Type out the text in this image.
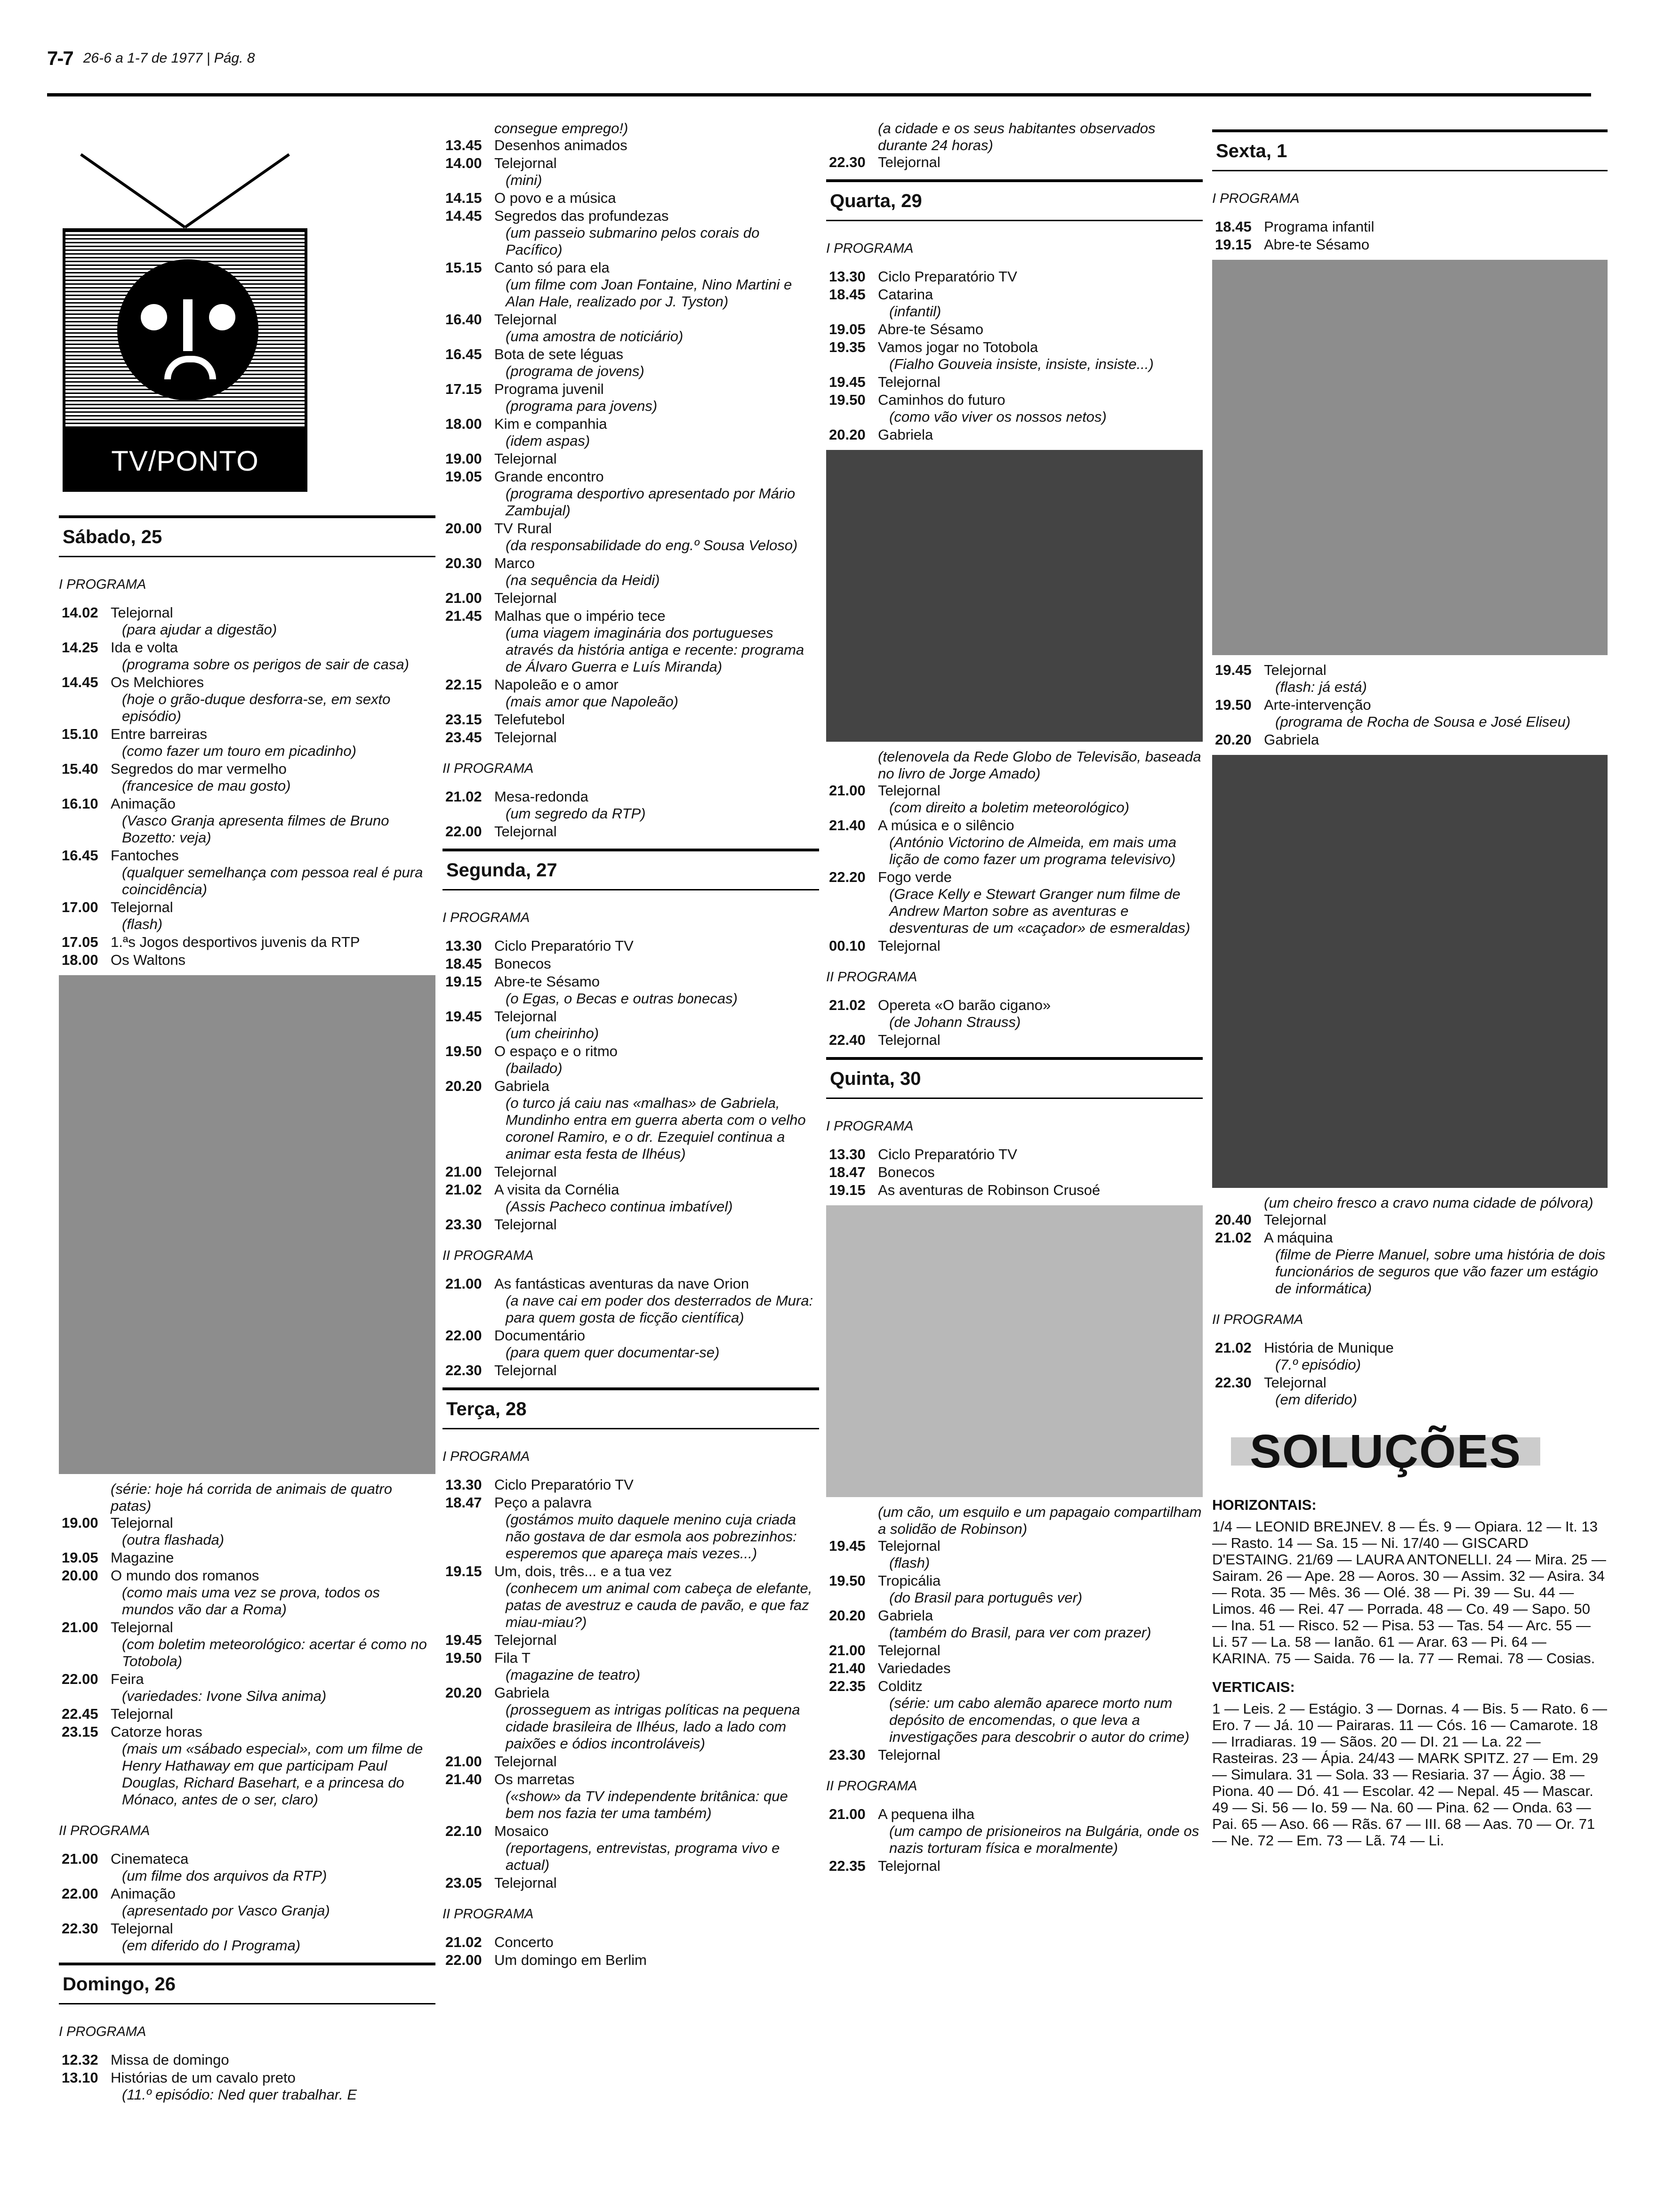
7-7 26-6 a 1-7 de 1977 | Pág. 8
TV/PONTO
Sábado, 25
I PROGRAMA
14.02 Telejornal
(para ajudar a digestão)
14.25 Ida e volta
(programa sobre os perigos de sair de casa)
14.45 Os Melchiores
(hoje o grão-duque desforra-se, em sexto episódio)
15.10 Entre barreiras
(como fazer um touro em picadinho)
15.40 Segredos do mar vermelho
(francesice de mau gosto)
16.10 Animação
(Vasco Granja apresenta filmes de Bruno Bozetto: veja)
16.45 Fantoches
(qualquer semelhança com pessoa real é pura coincidência)
17.00 Telejornal
(flash)
17.05 1.ªs Jogos desportivos juvenis da RTP
18.00 Os Waltons
(série: hoje há corrida de animais de quatro patas)
19.00 Telejornal
(outra flashada)
19.05 Magazine
20.00 O mundo dos romanos
(como mais uma vez se prova, todos os mundos vão dar a Roma)
21.00 Telejornal
(com boletim meteorológico: acertar é como no Totobola)
22.00 Feira
(variedades: Ivone Silva anima)
22.45 Telejornal
23.15 Catorze horas
(mais um «sábado especial», com um filme de Henry Hathaway em que participam Paul Douglas, Richard Basehart, e a princesa do Mónaco, antes de o ser, claro)
II PROGRAMA
21.00 Cinemateca
(um filme dos arquivos da RTP)
22.00 Animação
(apresentado por Vasco Granja)
22.30 Telejornal
(em diferido do I Programa)
Domingo, 26
I PROGRAMA
12.32 Missa de domingo
13.10 Histórias de um cavalo preto
(11.º episódio: Ned quer trabalhar. E
consegue emprego!)
13.45 Desenhos animados
14.00 Telejornal
(mini)
14.15 O povo e a música
14.45 Segredos das profundezas
(um passeio submarino pelos corais do Pacífico)
15.15 Canto só para ela
(um filme com Joan Fontaine, Nino Martini e Alan Hale, realizado por J. Tyston)
16.40 Telejornal
(uma amostra de noticiário)
16.45 Bota de sete léguas
(programa de jovens)
17.15 Programa juvenil
(programa para jovens)
18.00 Kim e companhia
(idem aspas)
19.00 Telejornal
19.05 Grande encontro
(programa desportivo apresentado por Mário Zambujal)
20.00 TV Rural
(da responsabilidade do eng.º Sousa Veloso)
20.30 Marco
(na sequência da Heidi)
21.00 Telejornal
21.45 Malhas que o império tece
(uma viagem imaginária dos portugueses através da história antiga e recente: programa de Álvaro Guerra e Luís Miranda)
22.15 Napoleão e o amor
(mais amor que Napoleão)
23.15 Telefutebol
23.45 Telejornal
II PROGRAMA
21.02 Mesa-redonda
(um segredo da RTP)
22.00 Telejornal
Segunda, 27
I PROGRAMA
13.30 Ciclo Preparatório TV
18.45 Bonecos
19.15 Abre-te Sésamo
(o Egas, o Becas e outras bonecas)
19.45 Telejornal
(um cheirinho)
19.50 O espaço e o ritmo
(bailado)
20.20 Gabriela
(o turco já caiu nas «malhas» de Gabriela, Mundinho entra em guerra aberta com o velho coronel Ramiro, e o dr. Ezequiel continua a animar esta festa de Ilhéus)
21.00 Telejornal
21.02 A visita da Cornélia
(Assis Pacheco continua imbatível)
23.30 Telejornal
II PROGRAMA
21.00 As fantásticas aventuras da nave Orion
(a nave cai em poder dos desterrados de Mura: para quem gosta de ficção científica)
22.00 Documentário
(para quem quer documentar-se)
22.30 Telejornal
Terça, 28
I PROGRAMA
13.30 Ciclo Preparatório TV
18.47 Peço a palavra
(gostámos muito daquele menino cuja criada não gostava de dar esmola aos pobrezinhos: esperemos que apareça mais vezes...)
19.15 Um, dois, três... e a tua vez
(conhecem um animal com cabeça de elefante, patas de avestruz e cauda de pavão, e que faz miau-miau?)
19.45 Telejornal
19.50 Fila T
(magazine de teatro)
20.20 Gabriela
(prosseguem as intrigas políticas na pequena cidade brasileira de Ilhéus, lado a lado com paixões e ódios incontroláveis)
21.00 Telejornal
21.40 Os marretas
(«show» da TV independente britânica: que bem nos fazia ter uma também)
22.10 Mosaico
(reportagens, entrevistas, programa vivo e actual)
23.05 Telejornal
II PROGRAMA
21.02 Concerto
22.00 Um domingo em Berlim
(a cidade e os seus habitantes observados durante 24 horas)
22.30 Telejornal
Quarta, 29
I PROGRAMA
13.30 Ciclo Preparatório TV
18.45 Catarina
(infantil)
19.05 Abre-te Sésamo
19.35 Vamos jogar no Totobola
(Fialho Gouveia insiste, insiste, insiste...)
19.45 Telejornal
19.50 Caminhos do futuro
(como vão viver os nossos netos)
20.20 Gabriela
(telenovela da Rede Globo de Televisão, baseada no livro de Jorge Amado)
21.00 Telejornal
(com direito a boletim meteorológico)
21.40 A música e o silêncio
(António Victorino de Almeida, em mais uma lição de como fazer um programa televisivo)
22.20 Fogo verde
(Grace Kelly e Stewart Granger num filme de Andrew Marton sobre as aventuras e desventuras de um «caçador» de esmeraldas)
00.10 Telejornal
II PROGRAMA
21.02 Opereta «O barão cigano»
(de Johann Strauss)
22.40 Telejornal
Quinta, 30
I PROGRAMA
13.30 Ciclo Preparatório TV
18.47 Bonecos
19.15 As aventuras de Robinson Crusoé
(um cão, um esquilo e um papagaio compartilham a solidão de Robinson)
19.45 Telejornal
(flash)
19.50 Tropicália
(do Brasil para português ver)
20.20 Gabriela
(também do Brasil, para ver com prazer)
21.00 Telejornal
21.40 Variedades
22.35 Colditz
(série: um cabo alemão aparece morto num depósito de encomendas, o que leva a investigações para descobrir o autor do crime)
23.30 Telejornal
II PROGRAMA
21.00 A pequena ilha
(um campo de prisioneiros na Bulgária, onde os nazis torturam física e moralmente)
22.35 Telejornal
Sexta, 1
I PROGRAMA
18.45 Programa infantil
19.15 Abre-te Sésamo
19.45 Telejornal
(flash: já está)
19.50 Arte-intervenção
(programa de Rocha de Sousa e José Eliseu)
20.20 Gabriela
(um cheiro fresco a cravo numa cidade de pólvora)
20.40 Telejornal
21.02 A máquina
(filme de Pierre Manuel, sobre uma história de dois funcionários de seguros que vão fazer um estágio de informática)
II PROGRAMA
21.02 História de Munique
(7.º episódio)
22.30 Telejornal
(em diferido)
SOLUÇÕES
HORIZONTAIS:
1/4 — LEONID BREJNEV. 8 — És. 9 — Opiara. 12 — It. 13 — Rasto. 14 — Sa. 15 — Ni. 17/40 — GISCARD D'ESTAING. 21/69 — LAURA ANTONELLI. 24 — Mira. 25 — Sairam. 26 — Ape. 28 — Aoros. 30 — Assim. 32 — Asira. 34 — Rota. 35 — Mês. 36 — Olé. 38 — Pi. 39 — Su. 44 — Limos. 46 — Rei. 47 — Porrada. 48 — Co. 49 — Sapo. 50 — Ina. 51 — Risco. 52 — Pisa. 53 — Tas. 54 — Arc. 55 — Li. 57 — La. 58 — Ianão. 61 — Arar. 63 — Pi. 64 — KARINA. 75 — Saida. 76 — Ia. 77 — Remai. 78 — Cosias.
VERTICAIS:
1 — Leis. 2 — Estágio. 3 — Dornas. 4 — Bis. 5 — Rato. 6 — Ero. 7 — Já. 10 — Pairaras. 11 — Cós. 16 — Camarote. 18 — Irradiaras. 19 — Sãos. 20 — DI. 21 — La. 22 — Rasteiras. 23 — Ápia. 24/43 — MARK SPITZ. 27 — Em. 29 — Simulara. 31 — Sola. 33 — Resiaria. 37 — Ágio. 38 — Piona. 40 — Dó. 41 — Escolar. 42 — Nepal. 45 — Mascar. 49 — Si. 56 — Io. 59 — Na. 60 — Pina. 62 — Onda. 63 — Pai. 65 — Aso. 66 — Rãs. 67 — III. 68 — Aas. 70 — Or. 71 — Ne. 72 — Em. 73 — Lã. 74 — Li.
